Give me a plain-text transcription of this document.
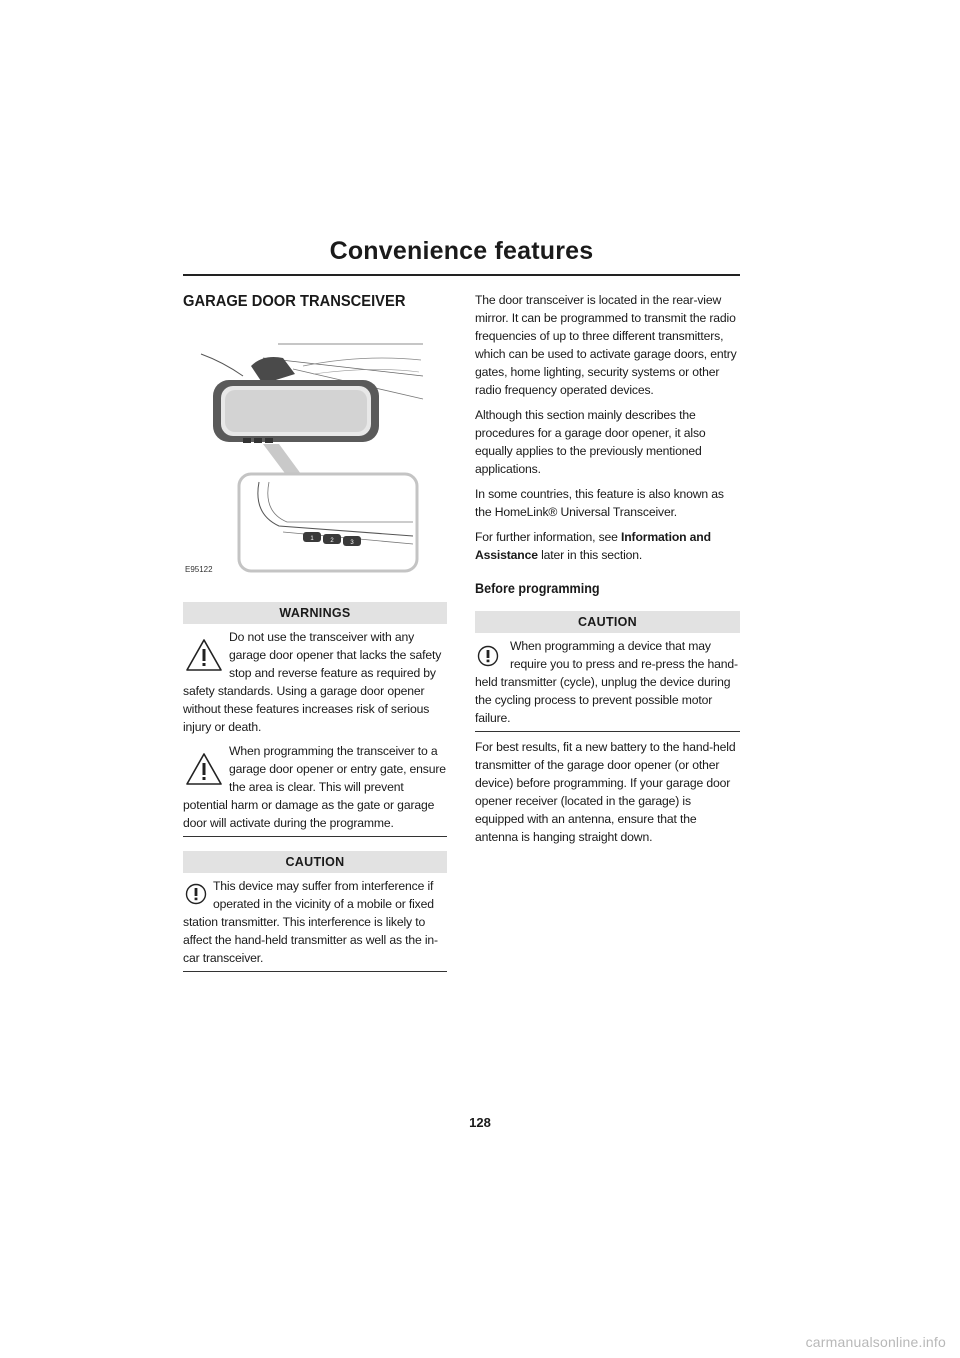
Convenience features
GARAGE DOOR TRANSCEIVER
1	2	3
E95122
WARNINGS

Do not use the transceiver with any garage door opener that lacks the safety stop and reverse feature as required by safety standards. Using a garage door opener without these features increases risk of serious injury or death.

When programming the transceiver to a garage door opener or entry gate, ensure the area is clear. This will prevent potential harm or damage as the gate or garage door will activate during the programme.

CAUTION

This device may suffer from interference if operated in the vicinity of a mobile or fixed station transmitter. This interference is likely to affect the hand-held transmitter as well as the in-car transceiver.

The door transceiver is located in the rear-view mirror. It can be programmed to transmit the radio frequencies of up to three different transmitters, which can be used to activate garage doors, entry gates, home lighting, security systems or other radio frequency operated devices.

Although this section mainly describes the procedures for a garage door opener, it also equally applies to the previously mentioned applications.

In some countries, this feature is also known as the HomeLink® Universal Transceiver.

For further information, see Information and Assistance later in this section.

Before programming
CAUTION

When programming a device that may require you to press and re-press the hand-held transmitter (cycle), unplug the device during the cycling process to prevent possible motor failure.

For best results, fit a new battery to the hand-held transmitter of the garage door opener (or other device) before programming. If your garage door opener receiver (located in the garage) is equipped with an antenna, ensure that the antenna is hanging straight down.

128
carmanualsonline.info
